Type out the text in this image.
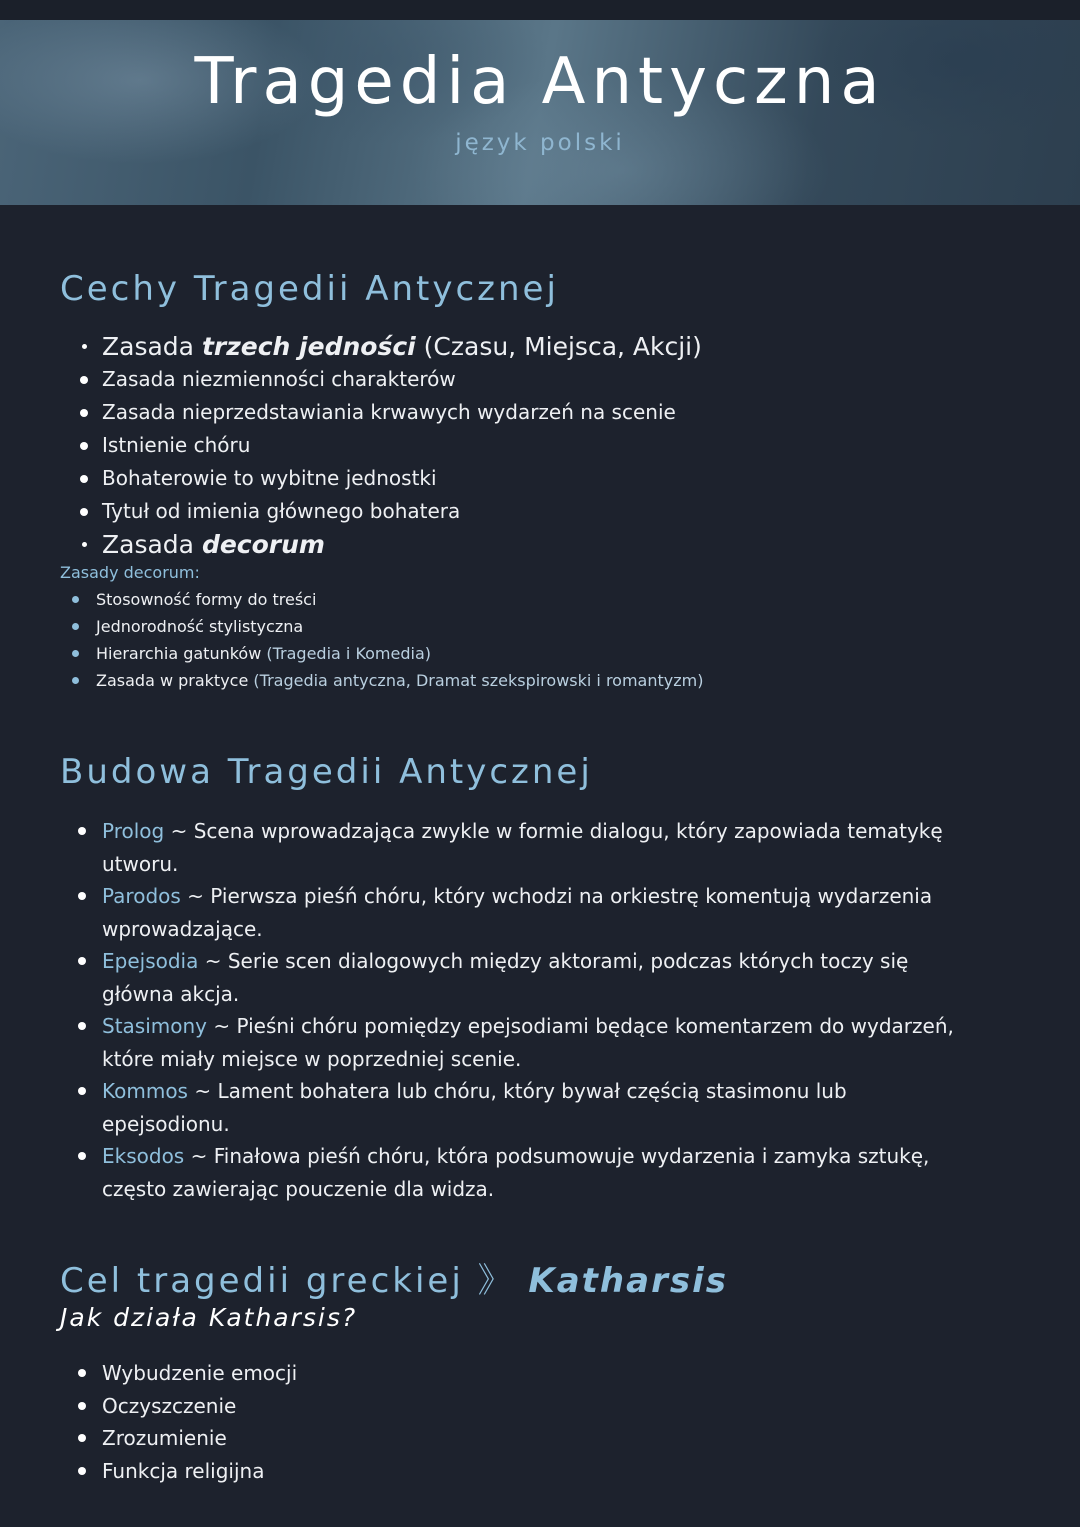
Tragedia Antyczna
język polski
Cechy Tragedii Antycznej
Zasada trzech jedności (Czasu, Miejsca, Akcji)
Zasada niezmienności charakterów
Zasada nieprzedstawiania krwawych wydarzeń na scenie
Istnienie chóru
Bohaterowie to wybitne jednostki
Tytuł od imienia głównego bohatera
Zasada decorum
Zasady decorum:
Stosowność formy do treści
Jednorodność stylistyczna
Hierarchia gatunków (Tragedia i Komedia)
Zasada w praktyce (Tragedia antyczna, Dramat szekspirowski i romantyzm)
Budowa Tragedii Antycznej
Prolog ~ Scena wprowadzająca zwykle w formie dialogu, który zapowiada tematykę utworu.
Parodos ~ Pierwsza pieśń chóru, który wchodzi na orkiestrę komentują wydarzenia wprowadzające.
Epejsodia ~ Serie scen dialogowych między aktorami, podczas których toczy się główna akcja.
Stasimony ~ Pieśni chóru pomiędzy epejsodiami będące komentarzem do wydarzeń, które miały miejsce w poprzedniej scenie.
Kommos ~ Lament bohatera lub chóru, który bywał częścią stasimonu lub epejsodionu.
Eksodos ~ Finałowa pieśń chóru, która podsumowuje wydarzenia i zamyka sztukę, często zawierając pouczenie dla widza.
Cel tragedii greckiej 》 Katharsis
Jak działa Katharsis?
Wybudzenie emocji
Oczyszczenie
Zrozumienie
Funkcja religijna
